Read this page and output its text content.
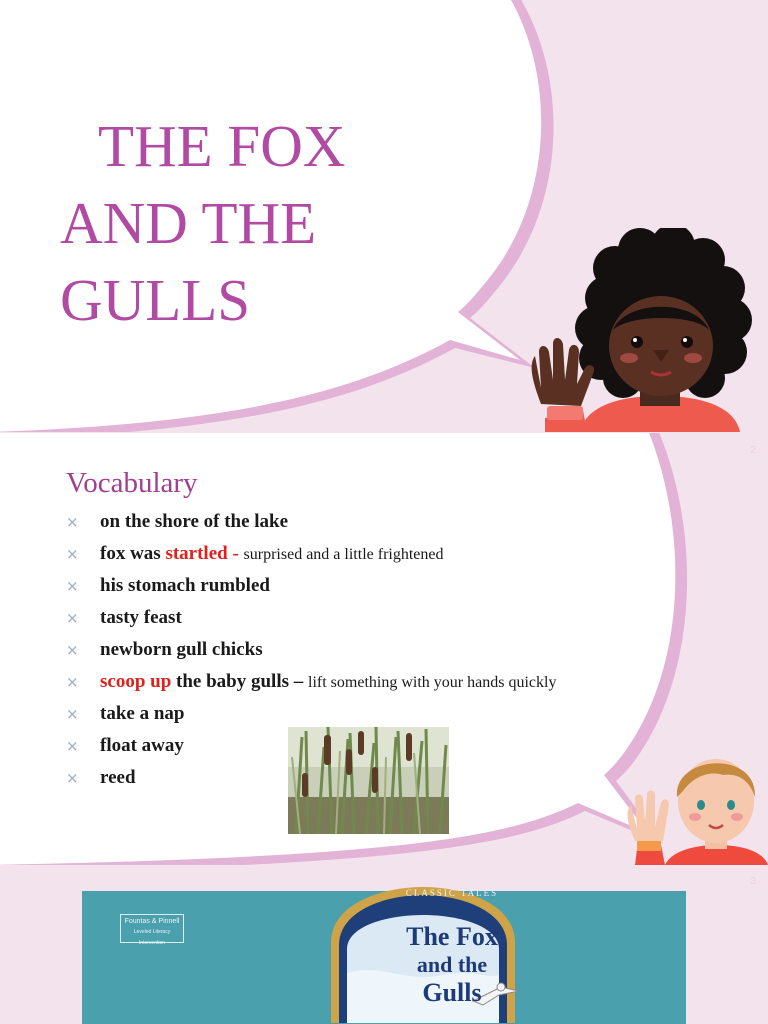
THE FOX
AND THE
GULLS
2
Vocabulary
× on the shore of the lake
× fox was startled - surprised and a little frightened
× his stomach rumbled
× tasty feast
× newborn gull chicks
× scoop up the baby gulls – lift something with your hands quickly
× take a nap
× float away
× reed
3
Fountas & Pinnell
Leveled Literacy Intervention
CLASSIC TALES
The Fox
and the
Gulls
